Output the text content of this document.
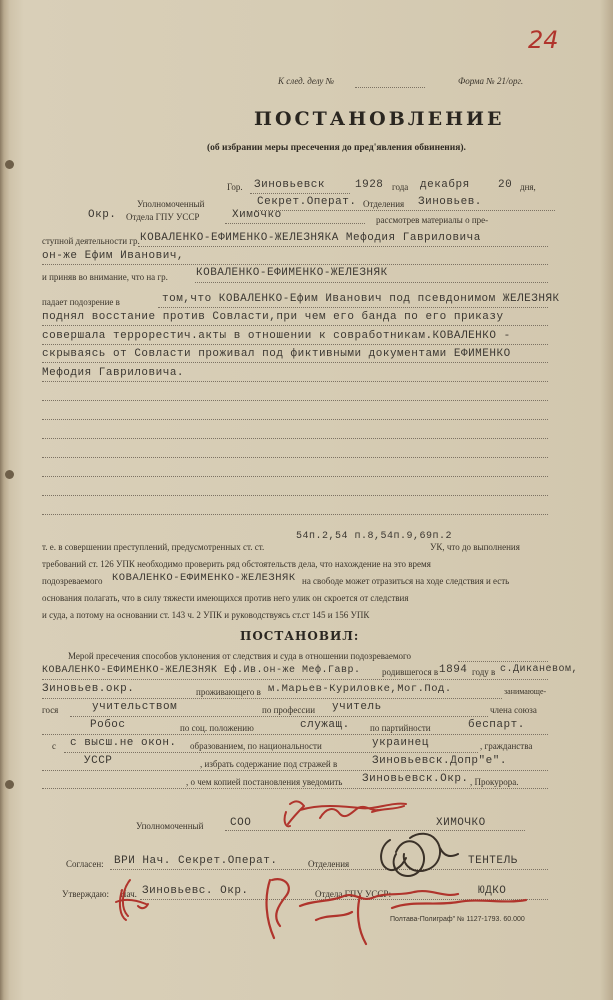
24
К след. делу №	Форма № 21/орг.
ПОСТАНОВЛЕНИЕ
(об избрании меры пресечения до пред'явления обвинения).
Гор. Зиновьевск	1928 года декабря	20 дня,
Уполномоченный	Секрет.Операт. Отделения Зиновьев.
Окр. Отдела ГПУ УССР	Химочко	рассмотрев материалы о пре-
ступной деятельности гр. КОВАЛЕНКО-ЕФИМЕНКО-ЖЕЛЕЗНЯКА Мефодия Гавриловича
он-же Ефим Иванович,
и приняв во внимание, что на гр.	КОВАЛЕНКО-ЕФИМЕНКО-ЖЕЛЕЗНЯК
падает подозрение в	том,что КОВАЛЕНКО-Ефим Иванович под псевдонимом ЖЕЛЕЗНЯК
поднял восстание против Совласти,при чем его банда по его приказу
совершала террорестич.акты в отношении к совработникам.КОВАЛЕНКО -
скрываясь от Совласти проживал под фиктивными документами ЕФИМЕНКО
Мефодия Гавриловича.
54п.2,54 п.8,54п.9,69п.2
т. е. в совершении преступлений, предусмотренных ст. ст.	УК, что до выполнения
требований ст. 126 УПК необходимо проверить ряд обстоятельств дела, что нахождение на это время
подозреваемого КОВАЛЕНКО-ЕФИМЕНКО-ЖЕЛЕЗНЯК на свободе может отразиться на ходе следствия и есть
основания полагать, что в силу тяжести имеющихся против него улик он скроется от следствия
и суда, а потому на основании ст. 143 ч. 2 УПК и руководствуясь ст.ст 145 и 156 УПК
ПОСТАНОВИЛ:
Мерой пресечения способов уклонения от следствия и суда в отношении подозреваемого
КОВАЛЕНКО-ЕФИМЕНКО-ЖЕЛЕЗНЯК Еф.Ив.он-же Меф.Гавр. родившегося в 1894 году в с.Диканевом,
Зиновьев.окр.	проживающего в м.Марьев-Куриловке,Мог.Под.	занимающе-
гося	учительством	по профессии учитель	члена союза
Робос	по соц. положению	служащ. по партийности	беспарт.
с с высш.не окон. образованием, по национальности	украинец	, гражданства
УССР	, избрать содержание под стражей в	Зиновьевск.Допр"е".
, о чем копией постановления уведомить Зиновьевск.Окр. , Прокурора.
Уполномоченный СОО	ХИМОЧКО
Согласен: ВРИ Нач. Секрет.Операт.	Отделения	ТЕНТЕЛЬ
Утверждаю: Нач. Зиновьевс. Окр.	Отдела ГПУ УССР:	ЮДКО
Полтава-Полиграф" № 1127-1793. 60.000
